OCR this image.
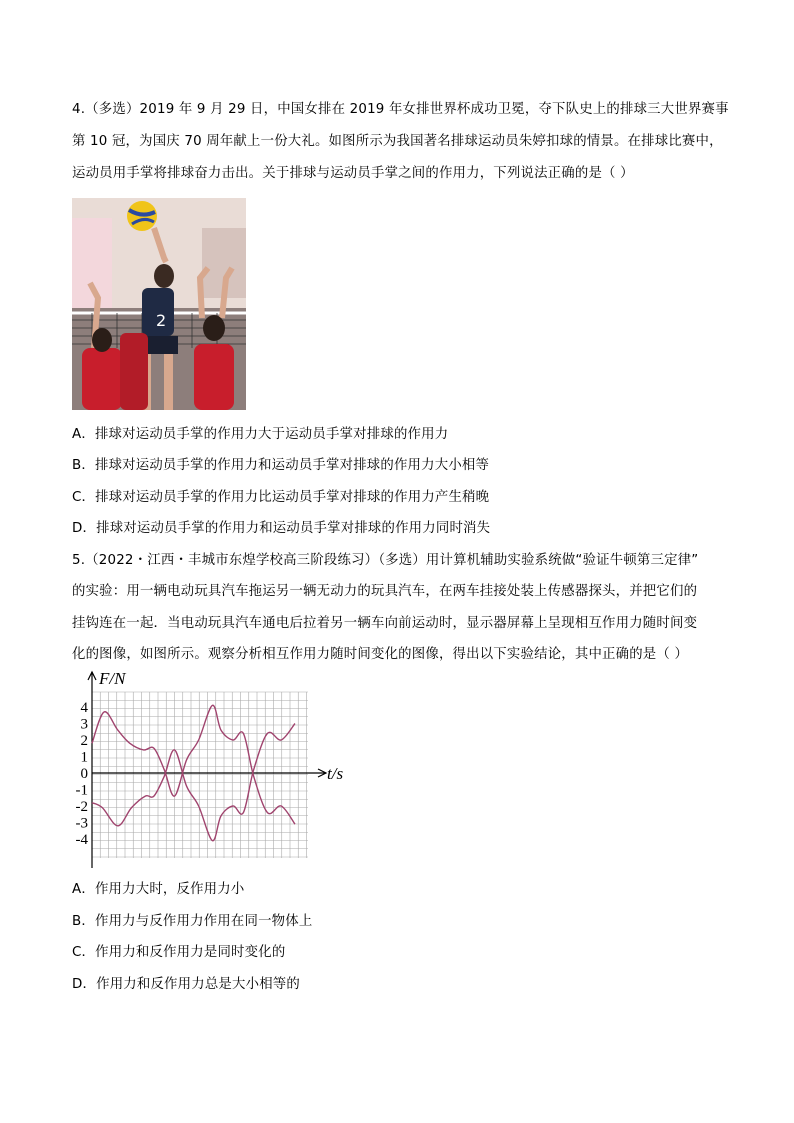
4.（多选）2019 年 9 月 29 日，中国女排在 2019 年女排世界杯成功卫冕，夺下队史上的排球三大世界赛事
第 10 冠，为国庆 70 周年献上一份大礼。如图所示为我国著名排球运动员朱婷扣球的情景。在排球比赛中，
运动员用手掌将排球奋力击出。关于排球与运动员手掌之间的作用力，下列说法正确的是（ ）
2
A．排球对运动员手掌的作用力大于运动员手掌对排球的作用力
B．排球对运动员手掌的作用力和运动员手掌对排球的作用力大小相等
C．排球对运动员手掌的作用力比运动员手掌对排球的作用力产生稍晚
D．排球对运动员手掌的作用力和运动员手掌对排球的作用力同时消失
5.（2022・江西・丰城市东煌学校高三阶段练习）（多选）用计算机辅助实验系统做“验证牛顿第三定律”
的实验：用一辆电动玩具汽车拖运另一辆无动力的玩具汽车，在两车挂接处装上传感器探头，并把它们的
挂钩连在一起．当电动玩具汽车通电后拉着另一辆车向前运动时，显示器屏幕上呈现相互作用力随时间变
化的图像，如图所示。观察分析相互作用力随时间变化的图像，得出以下实验结论，其中正确的是（ ）
F/N
t/s
4
3
2
1
0
-1
-2
-3
-4
A．作用力大时，反作用力小
B．作用力与反作用力作用在同一物体上
C．作用力和反作用力是同时变化的
D．作用力和反作用力总是大小相等的
